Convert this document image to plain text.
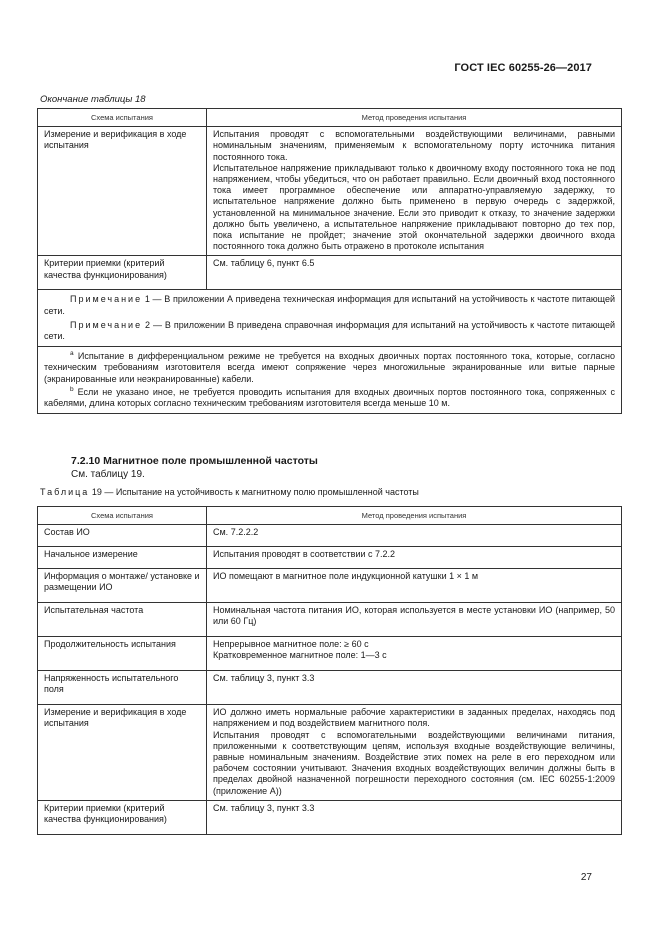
ГОСТ IEC 60255-26—2017
Окончание таблицы 18
Схема испытания	Метод проведения испытания
Измерение и верификация в ходе испытания	Испытания проводят с вспомогательными воздействующими величинами, равными номинальным значениям, применяемым к вспомогательному порту источника питания постоянного тока.

Испытательное напряжение прикладывают только к двоичному входу постоянного тока не под напряжением, чтобы убедиться, что он работает правильно. Если двоичный вход постоянного тока имеет программное обеспечение или аппаратно-управляемую задержку, то испытательное напряжение должно быть применено в первую очередь с задержкой, установленной на минимальное значение. Если это приводит к отказу, то значение задержки должно быть увеличено, а испытательное напряжение прикладывают повторно до тех пор, пока испытание не пройдет; значение этой окончательной задержки двоичного входа постоянного тока должно быть отражено в протоколе испытания

Критерии приемки (критерий качества функционирования)	См. таблицу 6, пункт 6.5

Примечание 1 — В приложении А приведена техническая информация для испытаний на устойчивость к частоте питающей сети.

Примечание 2 — В приложении В приведена справочная информация для испытаний на устойчивость к частоте питающей сети.	

$^a$ Испытание в дифференциальном режиме не требуется на входных двоичных портах постоянного тока, которые, согласно техническим требованиям изготовителя всегда имеют сопряжение через многожильные экранированные или витые парные (экранированные или неэкранированные) кабели.

$^b$ Если не указано иное, не требуется проводить испытания для входных двоичных портов постоянного тока, сопряженных с кабелями, длина которых согласно техническим требованиям изготовителя всегда меньше 10 м.	

7.2.10 Магнитное поле промышленной частоты
См. таблицу 19.
Таблица 19 — Испытание на устойчивость к магнитному полю промышленной частоты
Схема испытания	Метод проведения испытания
Состав ИО	См. 7.2.2.2

Начальное измерение	Испытания проводят в соответствии с 7.2.2

Информация о монтаже/ установке и размещении ИО	ИО помещают в магнитное поле индукционной катушки 1 × 1 м

Испытательная частота	Номинальная частота питания ИО, которая используется в месте установки ИО (например, 50 или 60 Гц)

Продолжительность испытания	Непрерывное магнитное поле: ≥ 60 с

Кратковременное магнитное поле: 1—3 с

Напряженность испытательного поля	См. таблицу 3, пункт 3.3

Измерение и верификация в ходе испытания	ИО должно иметь нормальные рабочие характеристики в заданных пределах, находясь под напряжением и под воздействием магнитного поля.

Испытания проводят с вспомогательными воздействующими величинами питания, приложенными к соответствующим цепям, используя входные воздействующие величины, равные номинальным значениям. Воздействие этих помех на реле в его переходном или рабочем состоянии учитывают. Значения входных воздействующих величин должны быть в пределах двойной назначенной погрешности переходного состояния (см. IEC 60255-1:2009 (приложение А))

Критерии приемки (критерий качества функционирования)	См. таблицу 3, пункт 3.3

27
